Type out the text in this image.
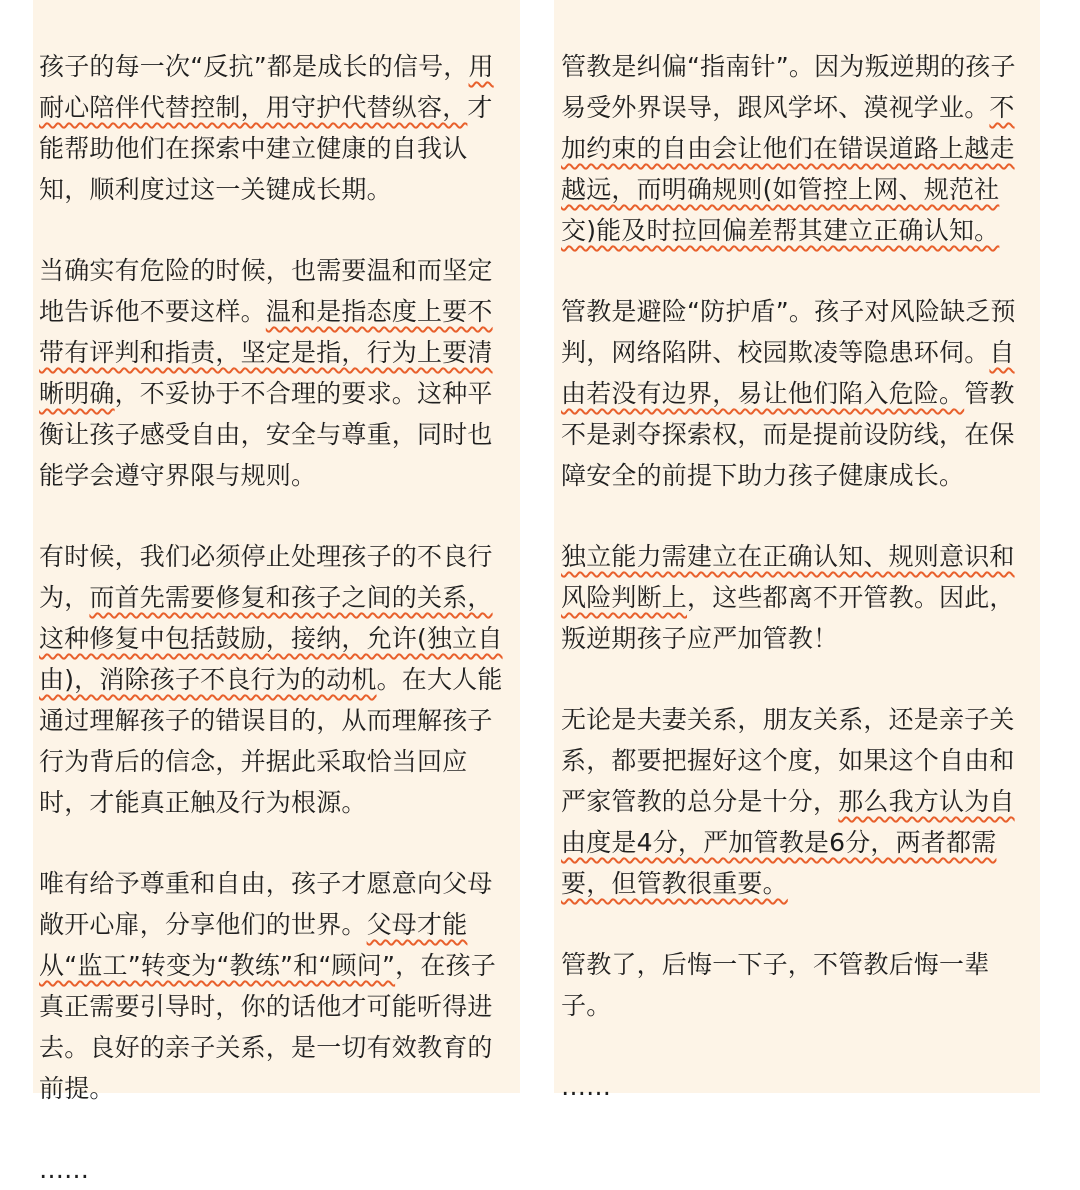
孩子的每一次“反抗”都是成长的信号，用耐心陪伴代替控制，用守护代替纵容，才能帮助他们在探索中建立健康的自我认知，顺利度过这一关键成长期。

当确实有危险的时候，也需要温和而坚定地告诉他不要这样。温和是指态度上要不带有评判和指责，坚定是指，行为上要清晰明确，不妥协于不合理的要求。这种平衡让孩子感受自由，安全与尊重，同时也能学会遵守界限与规则。

有时候，我们必须停止处理孩子的不良行为，而首先需要修复和孩子之间的关系，这种修复中包括鼓励，接纳，允许(独立自由)，消除孩子不良行为的动机。在大人能通过理解孩子的错误目的，从而理解孩子行为背后的信念，并据此采取恰当回应时，才能真正触及行为根源。

唯有给予尊重和自由，孩子才愿意向父母敞开心扉，分享他们的世界。父母才能从“监工”转变为“教练”和“顾问”，在孩子真正需要引导时，你的话他才可能听得进去。良好的亲子关系，是一切有效教育的前提。

……

管教是纠偏“指南针”。因为叛逆期的孩子易受外界误导，跟风学坏、漠视学业。不加约束的自由会让他们在错误道路上越走越远，而明确规则(如管控上网、规范社交)能及时拉回偏差帮其建立正确认知。

管教是避险“防护盾”。孩子对风险缺乏预判，网络陷阱、校园欺凌等隐患环伺。自由若没有边界，易让他们陷入危险。管教不是剥夺探索权，而是提前设防线，在保障安全的前提下助力孩子健康成长。

独立能力需建立在正确认知、规则意识和风险判断上，这些都离不开管教。因此，叛逆期孩子应严加管教！

无论是夫妻关系，朋友关系，还是亲子关系，都要把握好这个度，如果这个自由和严家管教的总分是十分，那么我方认为自由度是4分，严加管教是6分，两者都需要，但管教很重要。

管教了，后悔一下子，不管教后悔一辈子。

……
